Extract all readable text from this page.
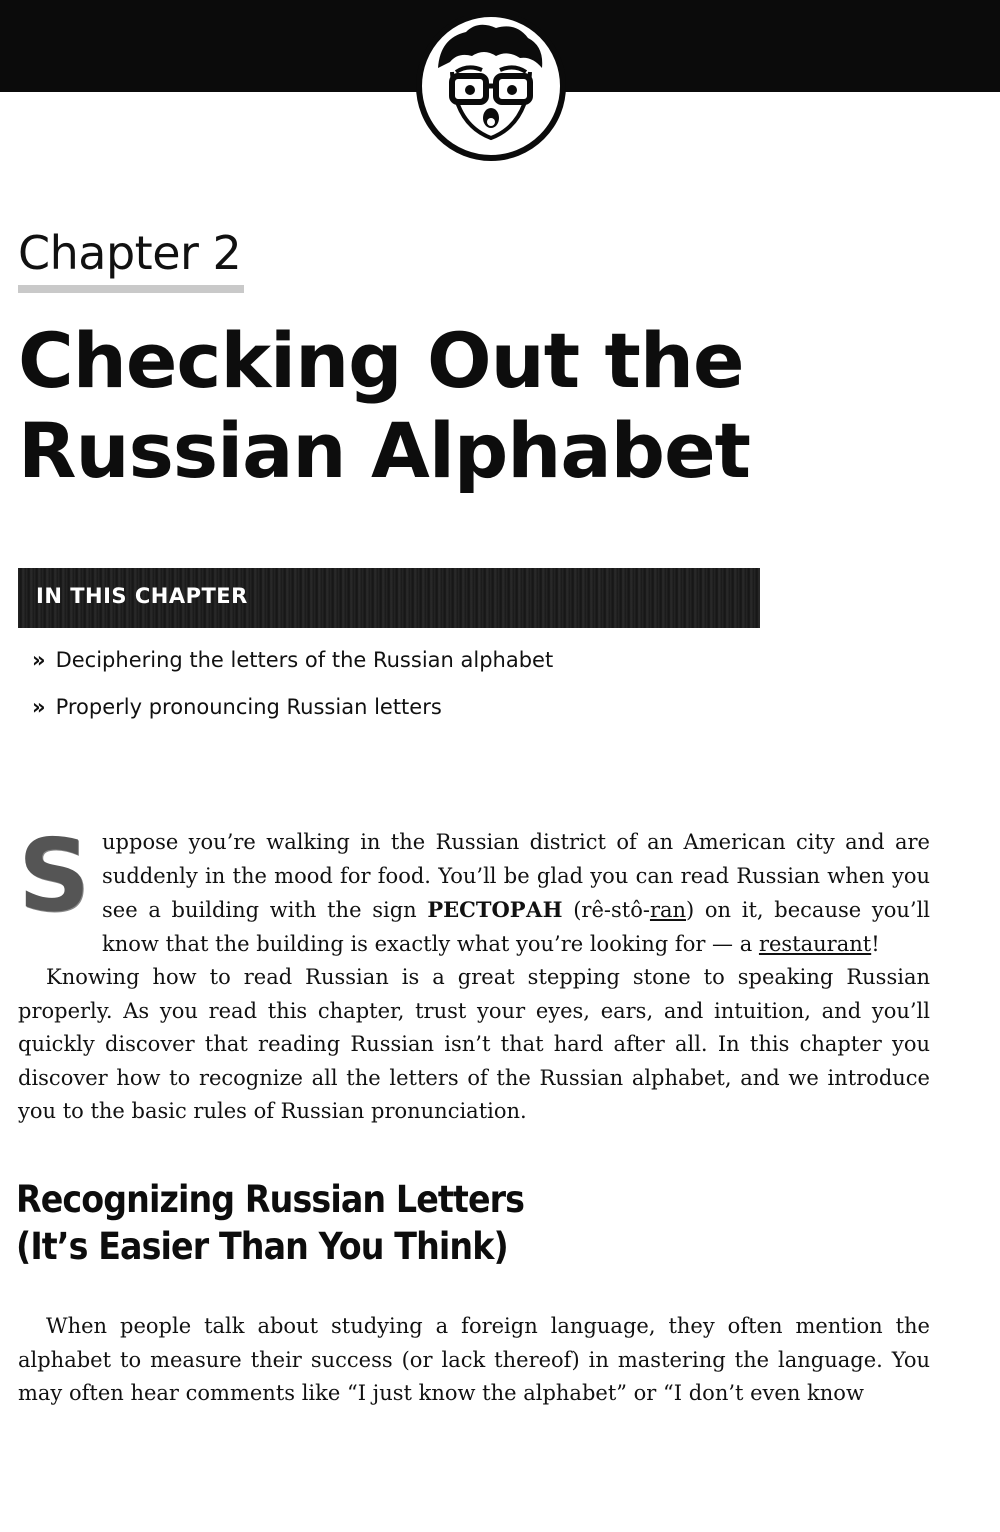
Chapter 2
Checking Out the
Russian Alphabet
IN THIS CHAPTER
» Deciphering the letters of the Russian alphabet
» Properly pronouncing Russian letters

Suppose you’re walking in the Russian district of an American city and are suddenly in the mood for food. You’ll be glad you can read Russian when you see a building with the sign РЕСТОРАН (rê-stô-ran) on it, because you’ll know that the building is exactly what you’re looking for — a restaurant!

Knowing how to read Russian is a great stepping stone to speaking Russian properly. As you read this chapter, trust your eyes, ears, and intuition, and you’ll quickly discover that reading Russian isn’t that hard after all. In this chapter you discover how to recognize all the letters of the Russian alphabet, and we introduce you to the basic rules of Russian pronunciation.

Recognizing Russian Letters
(It’s Easier Than You Think)

When people talk about studying a foreign language, they often mention the alphabet to measure their success (or lack thereof) in mastering the language. You may often hear comments like “I just know the alphabet” or “I don’t even know
